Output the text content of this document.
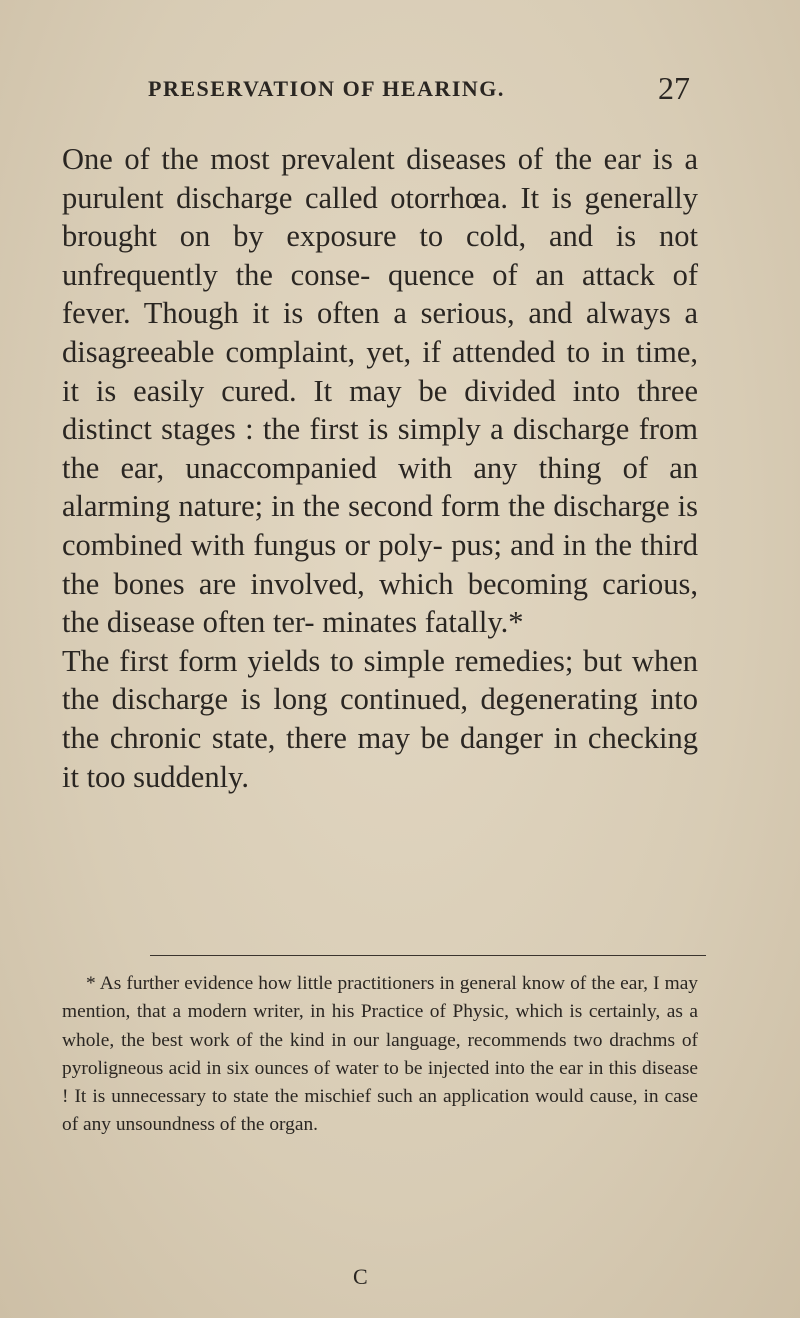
PRESERVATION OF HEARING.	27

One of the most prevalent diseases of the ear is a purulent discharge called otorrhœa. It is generally brought on by exposure to cold, and is not unfrequently the conse- quence of an attack of fever. Though it is often a serious, and always a disagreeable complaint, yet, if attended to in time, it is easily cured. It may be divided into three distinct stages : the first is simply a discharge from the ear, unaccompanied with any thing of an alarming nature; in the second form the discharge is combined with fungus or poly- pus; and in the third the bones are involved, which becoming carious, the disease often ter- minates fatally.*

The first form yields to simple remedies; but when the discharge is long continued, degenerating into the chronic state, there may be danger in checking it too suddenly.

* As further evidence how little practitioners in general know of the ear, I may mention, that a modern writer, in his Practice of Physic, which is certainly, as a whole, the best work of the kind in our language, recommends two drachms of pyroligneous acid in six ounces of water to be injected into the ear in this disease ! It is unnecessary to state the mischief such an application would cause, in case of any unsoundness of the organ.

C
